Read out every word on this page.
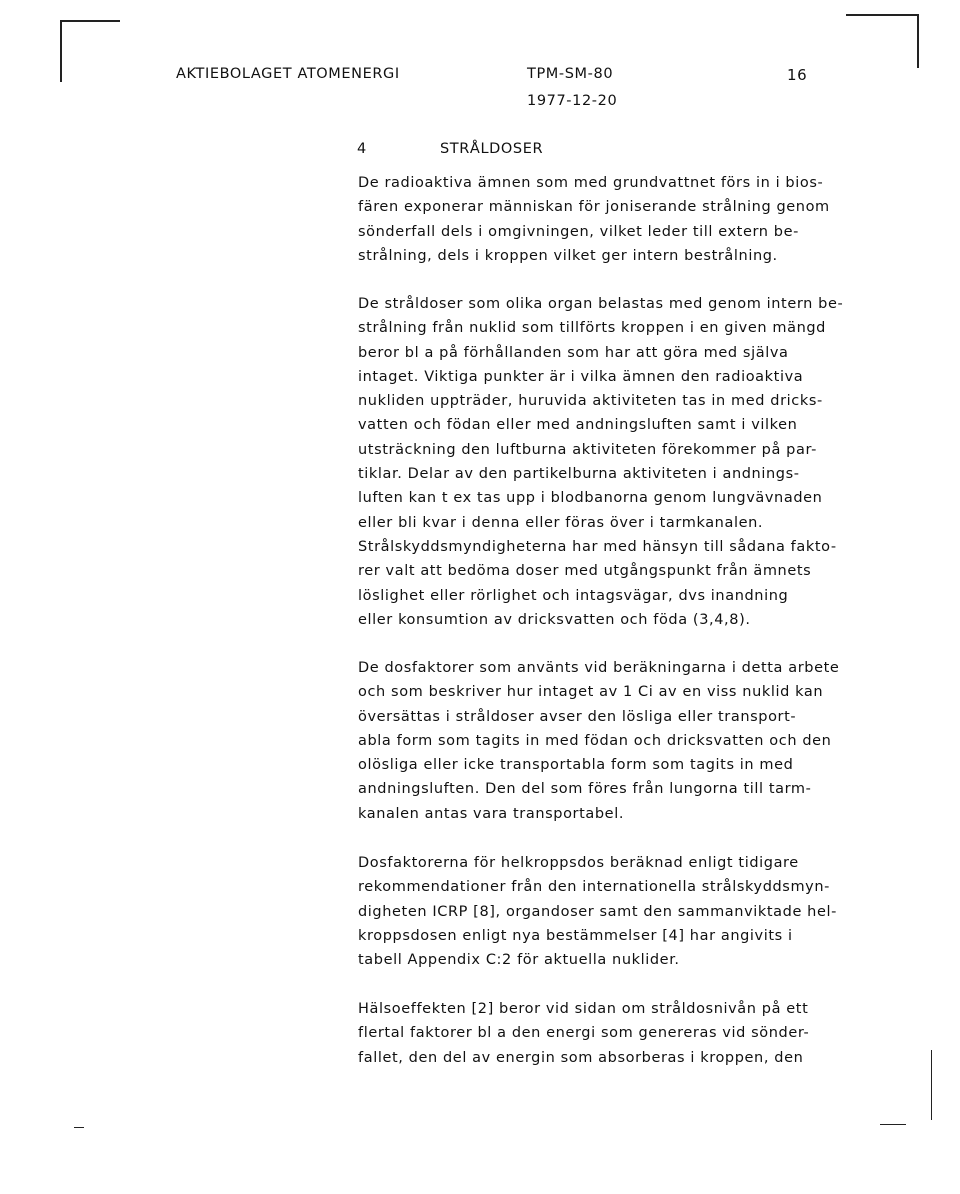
AKTIEBOLAGET ATOMENERGI	TPM-SM-80
1977-12-20
16
4	STRÅLDOSER
De radioaktiva ämnen som med grundvattnet förs in i bios-
fären exponerar människan för joniserande strålning genom
sönderfall dels i omgivningen, vilket leder till extern be-
strålning, dels i kroppen vilket ger intern bestrålning.
De stråldoser som olika organ belastas med genom intern be-
strålning från nuklid som tillförts kroppen i en given mängd
beror bl a på förhållanden som har att göra med själva
intaget. Viktiga punkter är i vilka ämnen den radioaktiva
nukliden uppträder, huruvida aktiviteten tas in med dricks-
vatten och födan eller med andningsluften samt i vilken
utsträckning den luftburna aktiviteten förekommer på par-
tiklar. Delar av den partikelburna aktiviteten i andnings-
luften kan t ex tas upp i blodbanorna genom lungvävnaden
eller bli kvar i denna eller föras över i tarmkanalen.
Strålskyddsmyndigheterna har med hänsyn till sådana fakto-
rer valt att bedöma doser med utgångspunkt från ämnets
löslighet eller rörlighet och intagsvägar, dvs inandning
eller konsumtion av dricksvatten och föda (3,4,8).
De dosfaktorer som använts vid beräkningarna i detta arbete
och som beskriver hur intaget av 1 Ci av en viss nuklid kan
översättas i stråldoser avser den lösliga eller transport-
abla form som tagits in med födan och dricksvatten och den
olösliga eller icke transportabla form som tagits in med
andningsluften. Den del som föres från lungorna till tarm-
kanalen antas vara transportabel.
Dosfaktorerna för helkroppsdos beräknad enligt tidigare
rekommendationer från den internationella strålskyddsmyn-
digheten ICRP [8], organdoser samt den sammanviktade hel-
kroppsdosen enligt nya bestämmelser [4] har angivits i
tabell Appendix C:2 för aktuella nuklider.
Hälsoeffekten [2] beror vid sidan om stråldosnivån på ett
flertal faktorer bl a den energi som genereras vid sönder-
fallet, den del av energin som absorberas i kroppen, den
